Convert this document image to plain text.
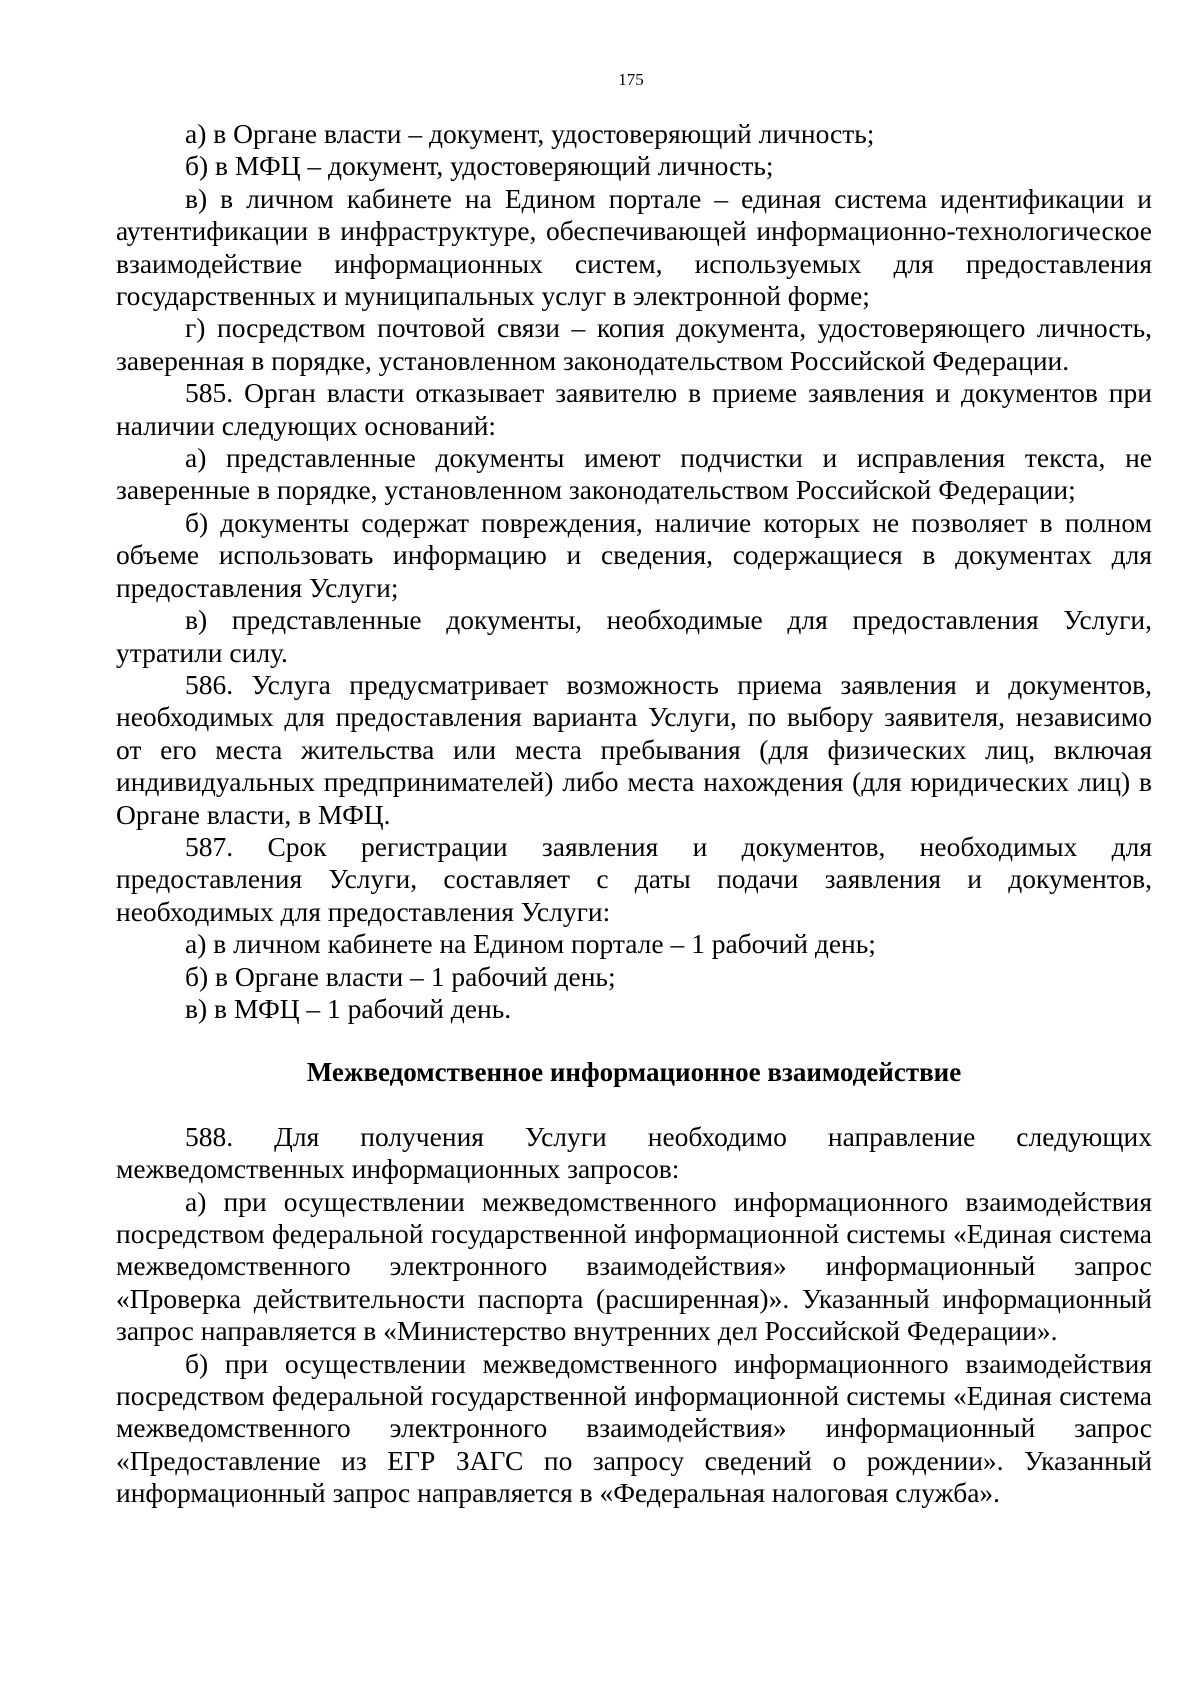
175

а) в Органе власти – документ, удостоверяющий личность;

б) в МФЦ – документ, удостоверяющий личность;

в) в личном кабинете на Едином портале – единая система идентификации и аутентификации в инфраструктуре, обеспечивающей информационно-технологическое взаимодействие информационных систем, используемых для предоставления государственных и муниципальных услуг в электронной форме;

г) посредством почтовой связи – копия документа, удостоверяющего личность, заверенная в порядке, установленном законодательством Российской Федерации.

585. Орган власти отказывает заявителю в приеме заявления и документов при наличии следующих оснований:

а) представленные документы имеют подчистки и исправления текста, не заверенные в порядке, установленном законодательством Российской Федерации;

б) документы содержат повреждения, наличие которых не позволяет в полном объеме использовать информацию и сведения, содержащиеся в документах для предоставления Услуги;

в) представленные документы, необходимые для предоставления Услуги, утратили силу.

586. Услуга предусматривает возможность приема заявления и документов, необходимых для предоставления варианта Услуги, по выбору заявителя, независимо от его места жительства или места пребывания (для физических лиц, включая индивидуальных предпринимателей) либо места нахождения (для юридических лиц) в Органе власти, в МФЦ.

587. Срок регистрации заявления и документов, необходимых для предоставления Услуги, составляет с даты подачи заявления и документов, необходимых для предоставления Услуги:

а) в личном кабинете на Едином портале – 1 рабочий день;

б) в Органе власти – 1 рабочий день;

в) в МФЦ – 1 рабочий день.

Межведомственное информационное взаимодействие

588. Для получения Услуги необходимо направление следующих межведомственных информационных запросов:

а) при осуществлении межведомственного информационного взаимодействия посредством федеральной государственной информационной системы «Единая система межведомственного электронного взаимодействия» информационный запрос «Проверка действительности паспорта (расширенная)». Указанный информационный запрос направляется в «Министерство внутренних дел Российской Федерации».

б) при осуществлении межведомственного информационного взаимодействия посредством федеральной государственной информационной системы «Единая система межведомственного электронного взаимодействия» информационный запрос «Предоставление из ЕГР ЗАГС по запросу сведений о рождении». Указанный информационный запрос направляется в «Федеральная налоговая служба».
